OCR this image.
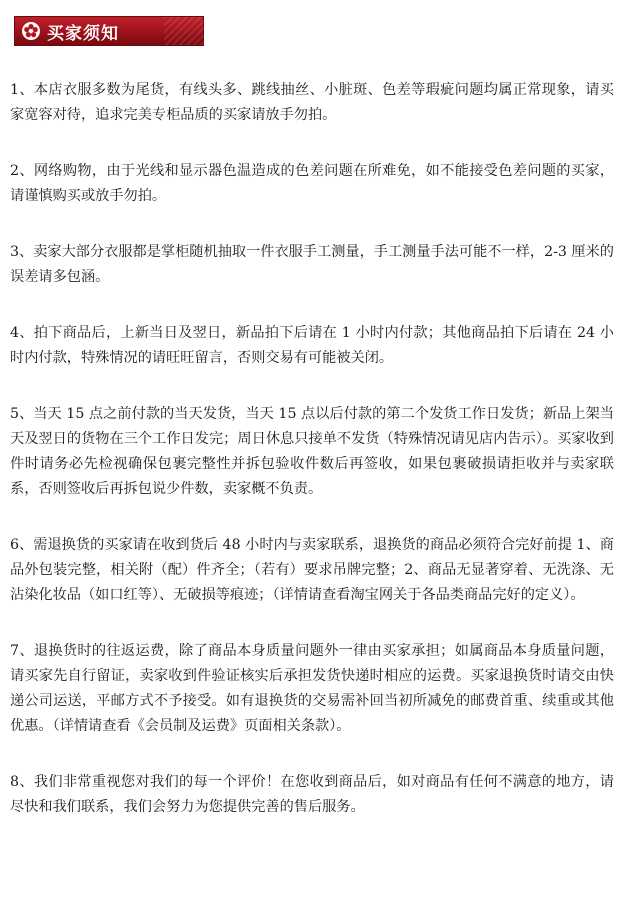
买家须知

1、本店衣服多数为尾货，有线头多、跳线抽丝、小脏斑、色差等瑕疵问题均属正常现象，请买家宽容对待，追求完美专柜品质的买家请放手勿拍。

2、网络购物，由于光线和显示器色温造成的色差问题在所难免，如不能接受色差问题的买家，请谨慎购买或放手勿拍。

3、卖家大部分衣服都是掌柜随机抽取一件衣服手工测量，手工测量手法可能不一样，2-3 厘米的误差请多包涵。

4、拍下商品后，上新当日及翌日，新品拍下后请在 1 小时内付款；其他商品拍下后请在 24 小时内付款，特殊情况的请旺旺留言，否则交易有可能被关闭。

5、当天 15 点之前付款的当天发货，当天 15 点以后付款的第二个发货工作日发货；新品上架当天及翌日的货物在三个工作日发完；周日休息只接单不发货（特殊情况请见店内告示）。买家收到件时请务必先检视确保包裹完整性并拆包验收件数后再签收，如果包裹破损请拒收并与卖家联系，否则签收后再拆包说少件数，卖家概不负责。

6、需退换货的买家请在收到货后 48 小时内与卖家联系，退换货的商品必须符合完好前提 1、商品外包装完整，相关附（配）件齐全；（若有）要求吊牌完整；2、商品无显著穿着、无洗涤、无沾染化妆品（如口红等）、无破损等痕迹；（详情请查看淘宝网关于各品类商品完好的定义）。

7、退换货时的往返运费，除了商品本身质量问题外一律由买家承担；如属商品本身质量问题，请买家先自行留证，卖家收到件验证核实后承担发货快递时相应的运费。买家退换货时请交由快递公司运送，平邮方式不予接受。如有退换货的交易需补回当初所减免的邮费首重、续重或其他优惠。（详情请查看《会员制及运费》页面相关条款）。

8、我们非常重视您对我们的每一个评价！在您收到商品后，如对商品有任何不满意的地方，请尽快和我们联系，我们会努力为您提供完善的售后服务。
